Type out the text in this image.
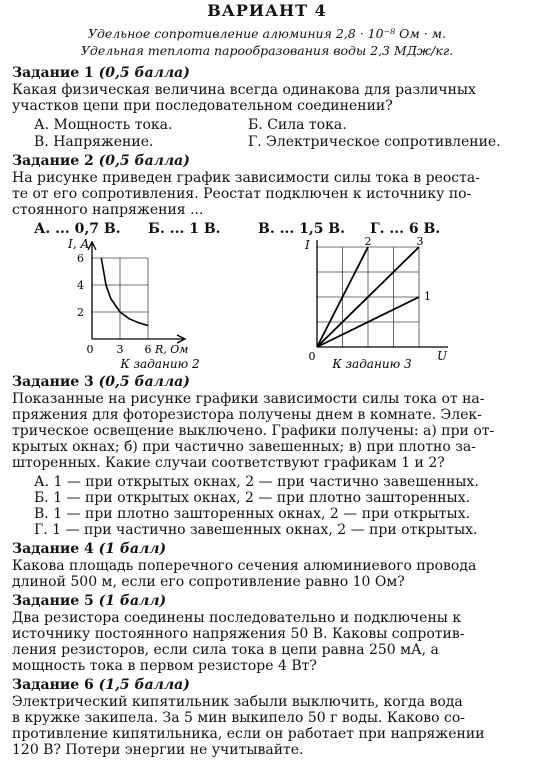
ВАРИАНТ 4
Удельное сопротивление алюминия 2,8 · 10⁻⁸ Ом · м.
Удельная теплота парообразования воды 2,3 МДж/кг.
Задание 1 (0,5 балла)
Какая физическая величина всегда одинакова для различных
участков цепи при последовательном соединении?
А. Мощность тока.	Б. Сила тока.
В. Напряжение.	Г. Электрическое сопротивление.
Задание 2 (0,5 балла)
На рисунке приведен график зависимости силы тока в реоста-
те от его сопротивления. Реостат подключен к источнику по-
стоянного напряжения ...
А. ... 0,7 В. Б. ... 1 В.	В. ... 1,5 В. Г. ... 6 В.
I, А
6
4
2
0 3 6 R, Ом
К заданию 2
I
U
0
2	3
1
К заданию 3
Задание 3 (0,5 балла)
Показанные на рисунке графики зависимости силы тока от на-
пряжения для фоторезистора получены днем в комнате. Элек-
трическое освещение выключено. Графики получены: а) при от-
крытых окнах; б) при частично завешенных; в) при плотно за-
шторенных. Какие случаи соответствуют графикам 1 и 2?
А. 1 — при открытых окнах, 2 — при частично завешенных.
Б. 1 — при открытых окнах, 2 — при плотно зашторенных.
В. 1 — при плотно зашторенных окнах, 2 — при открытых.
Г. 1 — при частично завешенных окнах, 2 — при открытых.
Задание 4 (1 балл)
Какова площадь поперечного сечения алюминиевого провода
длиной 500 м, если его сопротивление равно 10 Ом?
Задание 5 (1 балл)
Два резистора соединены последовательно и подключены к
источнику постоянного напряжения 50 В. Каковы сопротив-
ления резисторов, если сила тока в цепи равна 250 мА, а
мощность тока в первом резисторе 4 Вт?
Задание 6 (1,5 балла)
Электрический кипятильник забыли выключить, когда вода
в кружке закипела. За 5 мин выкипело 50 г воды. Каково со-
противление кипятильника, если он работает при напряжении
120 В? Потери энергии не учитывайте.
